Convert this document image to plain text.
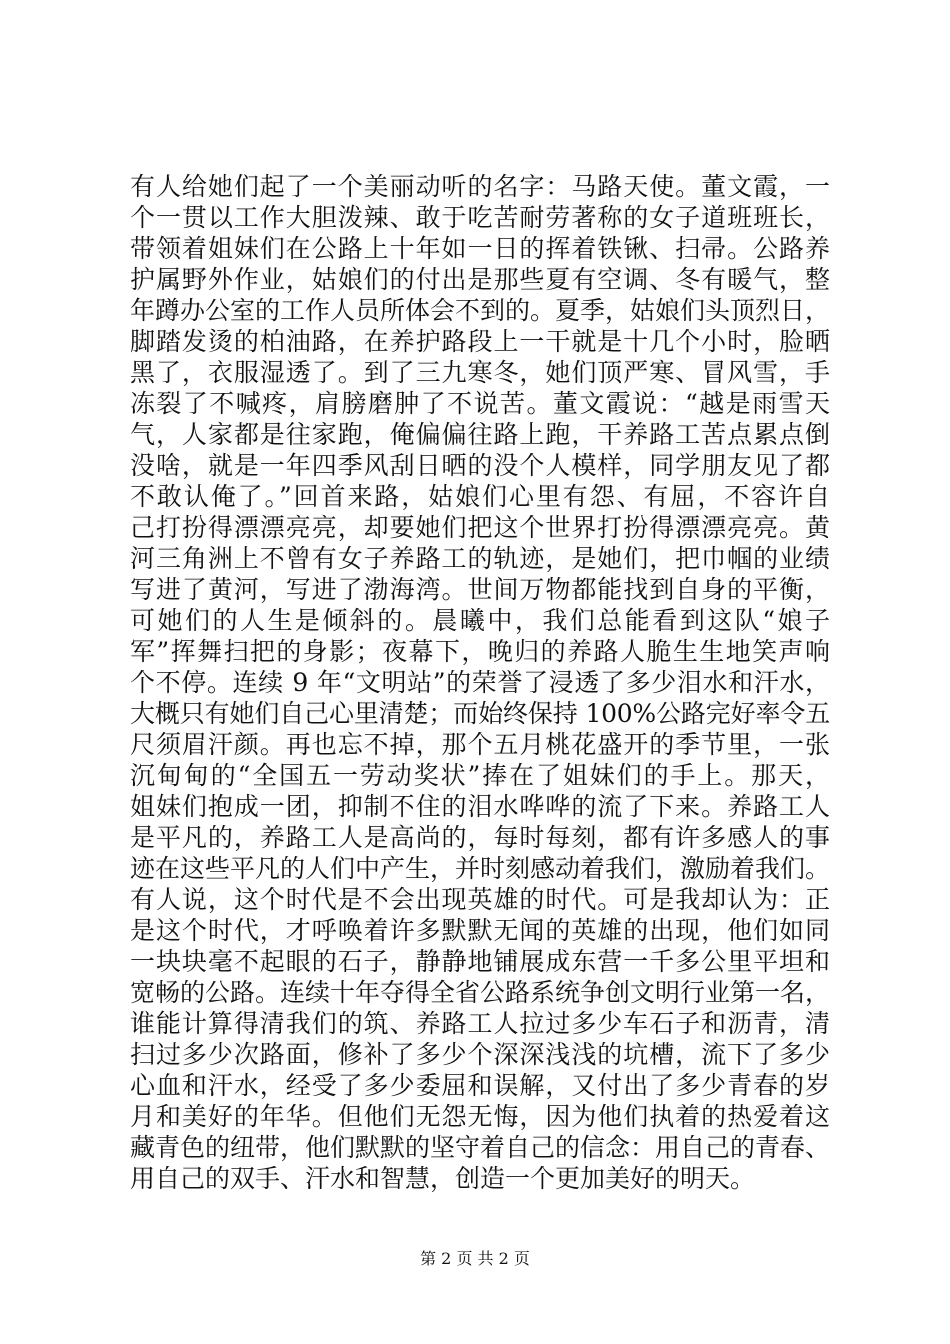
有人给她们起了一个美丽动听的名字：马路天使。董文霞，一
个一贯以工作大胆泼辣、敢于吃苦耐劳著称的女子道班班长，
带领着姐妹们在公路上十年如一日的挥着铁锹、扫帚。公路养
护属野外作业，姑娘们的付出是那些夏有空调、冬有暖气，整
年蹲办公室的工作人员所体会不到的。夏季，姑娘们头顶烈日，
脚踏发烫的柏油路，在养护路段上一干就是十几个小时，脸晒
黑了，衣服湿透了。到了三九寒冬，她们顶严寒、冒风雪，手
冻裂了不喊疼，肩膀磨肿了不说苦。董文霞说：“越是雨雪天
气，人家都是往家跑，俺偏偏往路上跑，干养路工苦点累点倒
没啥，就是一年四季风刮日晒的没个人模样，同学朋友见了都
不敢认俺了。”回首来路，姑娘们心里有怨、有屈，不容许自
己打扮得漂漂亮亮，却要她们把这个世界打扮得漂漂亮亮。黄
河三角洲上不曾有女子养路工的轨迹，是她们，把巾帼的业绩
写进了黄河，写进了渤海湾。世间万物都能找到自身的平衡，
可她们的人生是倾斜的。晨曦中，我们总能看到这队“娘子
军”挥舞扫把的身影；夜幕下，晚归的养路人脆生生地笑声响
个不停。连续 9 年“文明站”的荣誉了浸透了多少泪水和汗水，
大概只有她们自己心里清楚；而始终保持 100%公路完好率令五
尺须眉汗颜。再也忘不掉，那个五月桃花盛开的季节里，一张
沉甸甸的“全国五一劳动奖状”捧在了姐妹们的手上。那天，
姐妹们抱成一团，抑制不住的泪水哗哗的流了下来。养路工人
是平凡的，养路工人是高尚的，每时每刻，都有许多感人的事
迹在这些平凡的人们中产生，并时刻感动着我们，激励着我们。
有人说，这个时代是不会出现英雄的时代。可是我却认为：正
是这个时代，才呼唤着许多默默无闻的英雄的出现，他们如同
一块块毫不起眼的石子，静静地铺展成东营一千多公里平坦和
宽畅的公路。连续十年夺得全省公路系统争创文明行业第一名，
谁能计算得清我们的筑、养路工人拉过多少车石子和沥青，清
扫过多少次路面，修补了多少个深深浅浅的坑槽，流下了多少
心血和汗水，经受了多少委屈和误解，又付出了多少青春的岁
月和美好的年华。但他们无怨无悔，因为他们执着的热爱着这
藏青色的纽带，他们默默的坚守着自己的信念：用自己的青春、
用自己的双手、汗水和智慧，创造一个更加美好的明天。
第 2 页 共 2 页
